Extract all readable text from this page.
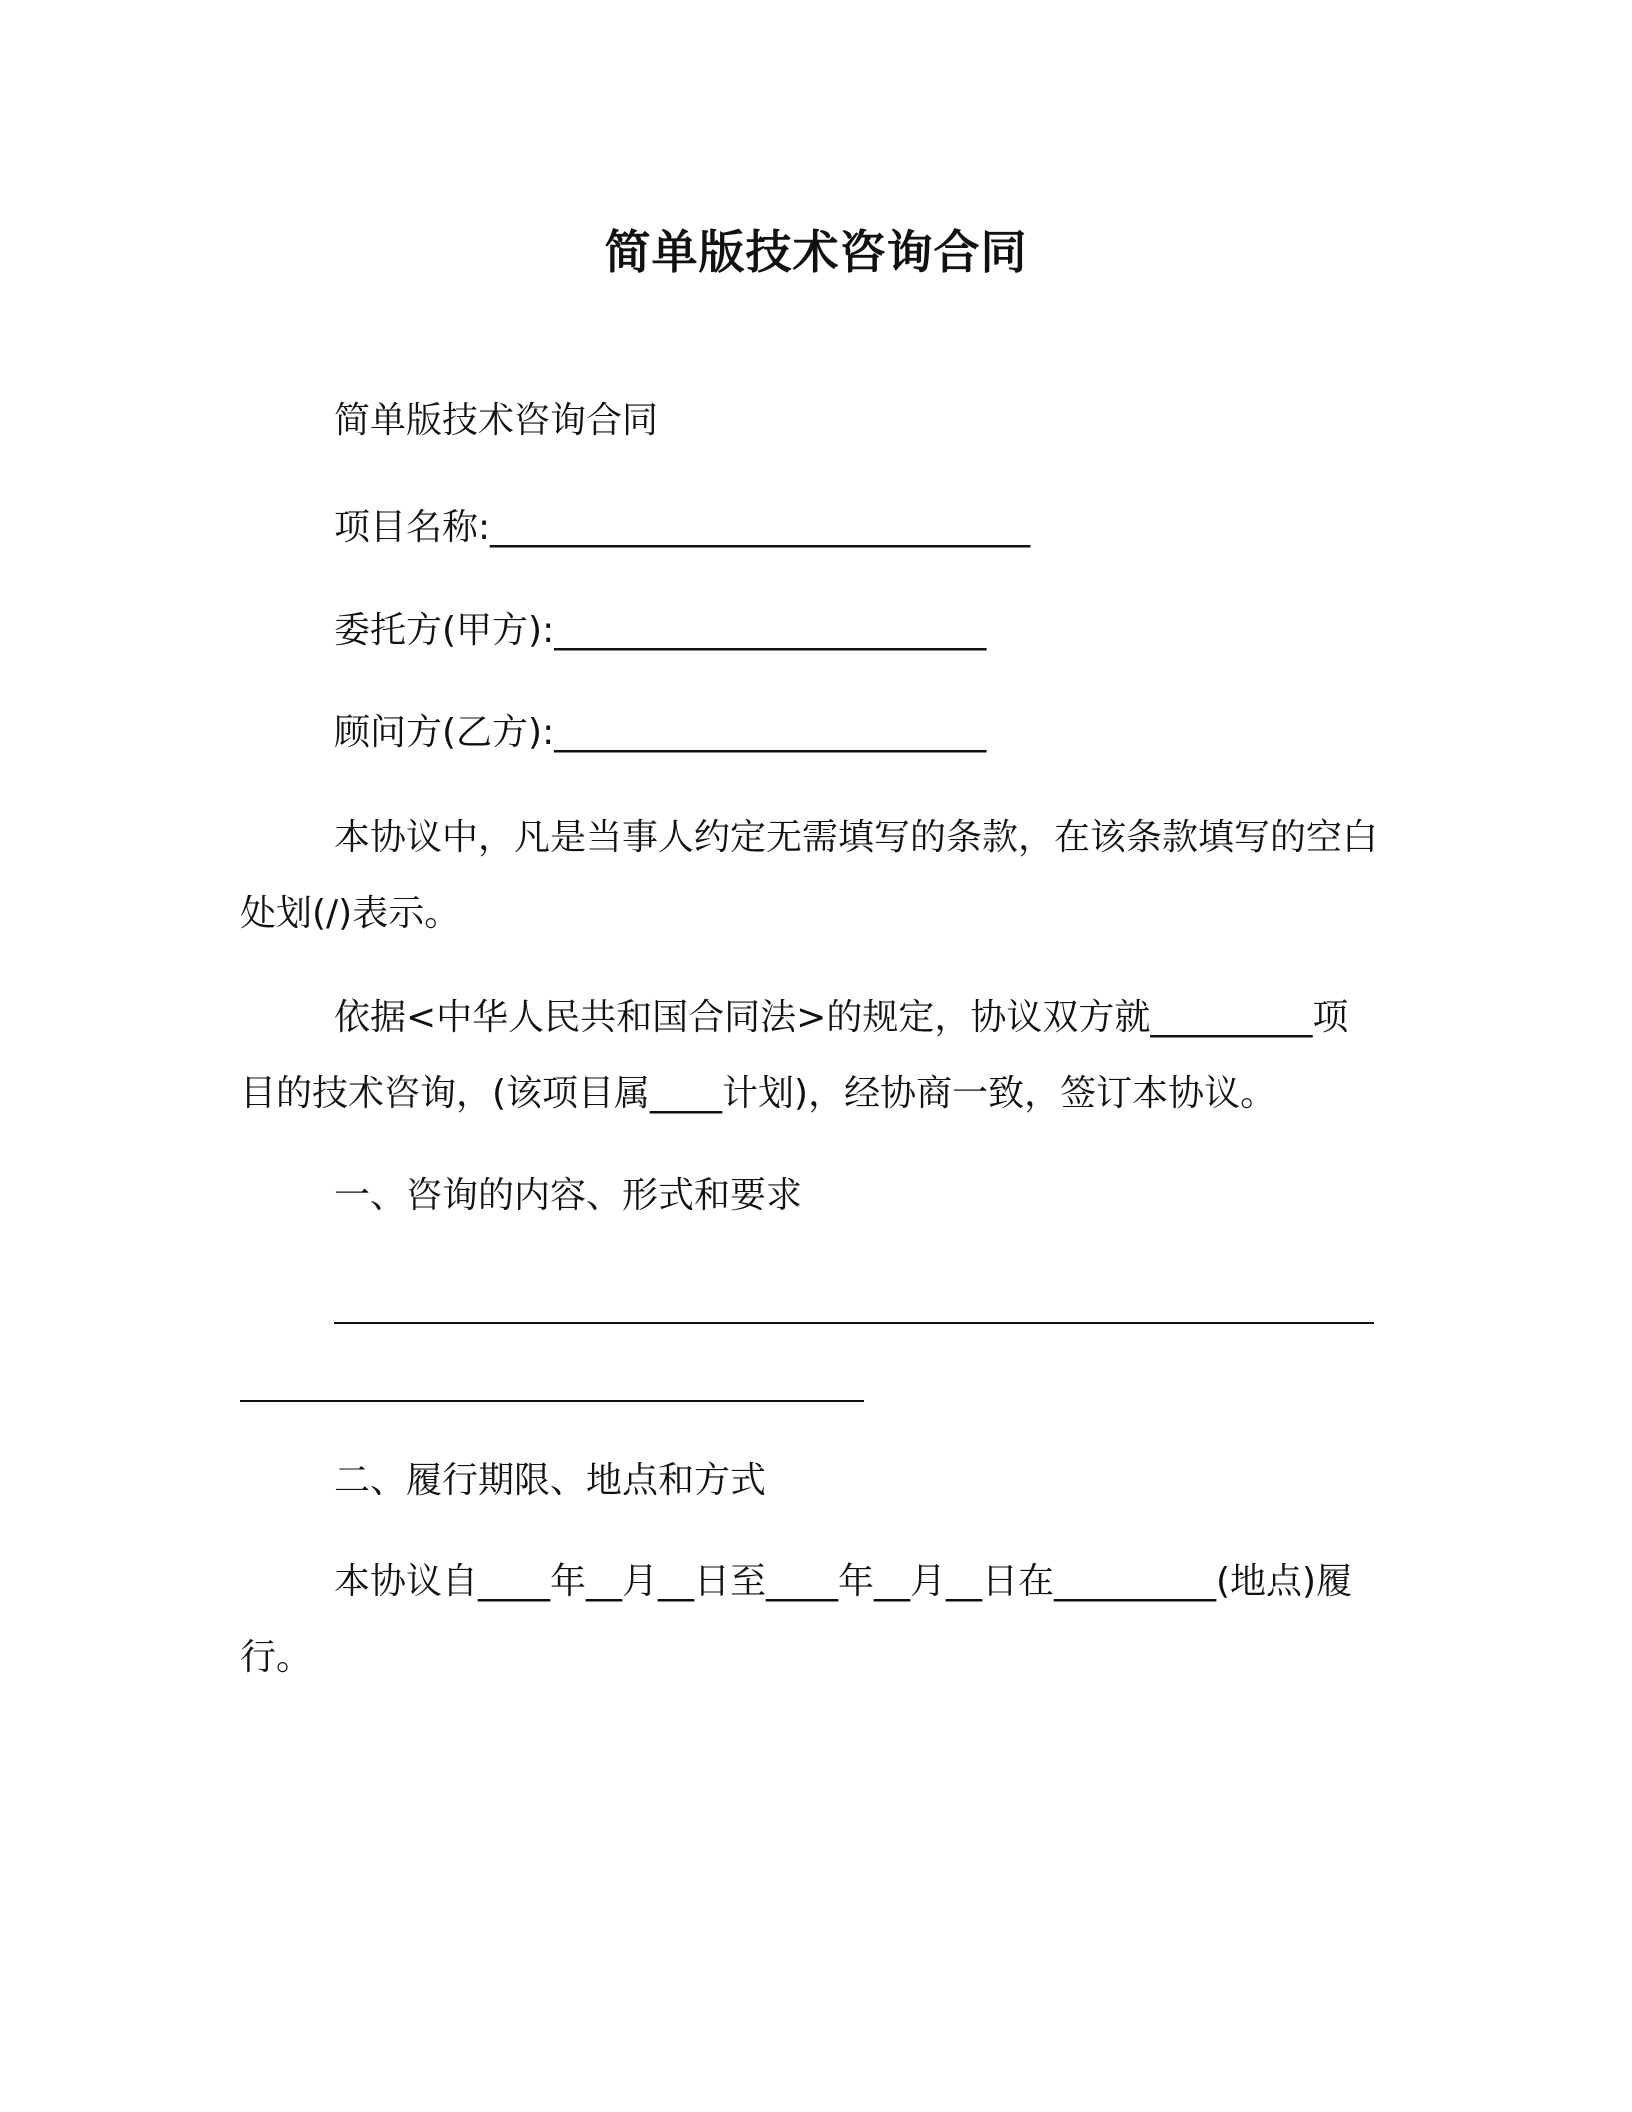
简单版技术咨询合同
简单版技术咨询合同
项目名称:______________________________
委托方(甲方):________________________
顾问方(乙方):________________________
本协议中，凡是当事人约定无需填写的条款，在该条款填写的空白处划(/)表示。
依据<中华人民共和国合同法>的规定，协议双方就_________项目的技术咨询，(该项目属____计划)，经协商一致，签订本协议。
一、咨询的内容、形式和要求
二、履行期限、地点和方式
本协议自____年__月__日至____年__月__日在_________(地点)履行。
